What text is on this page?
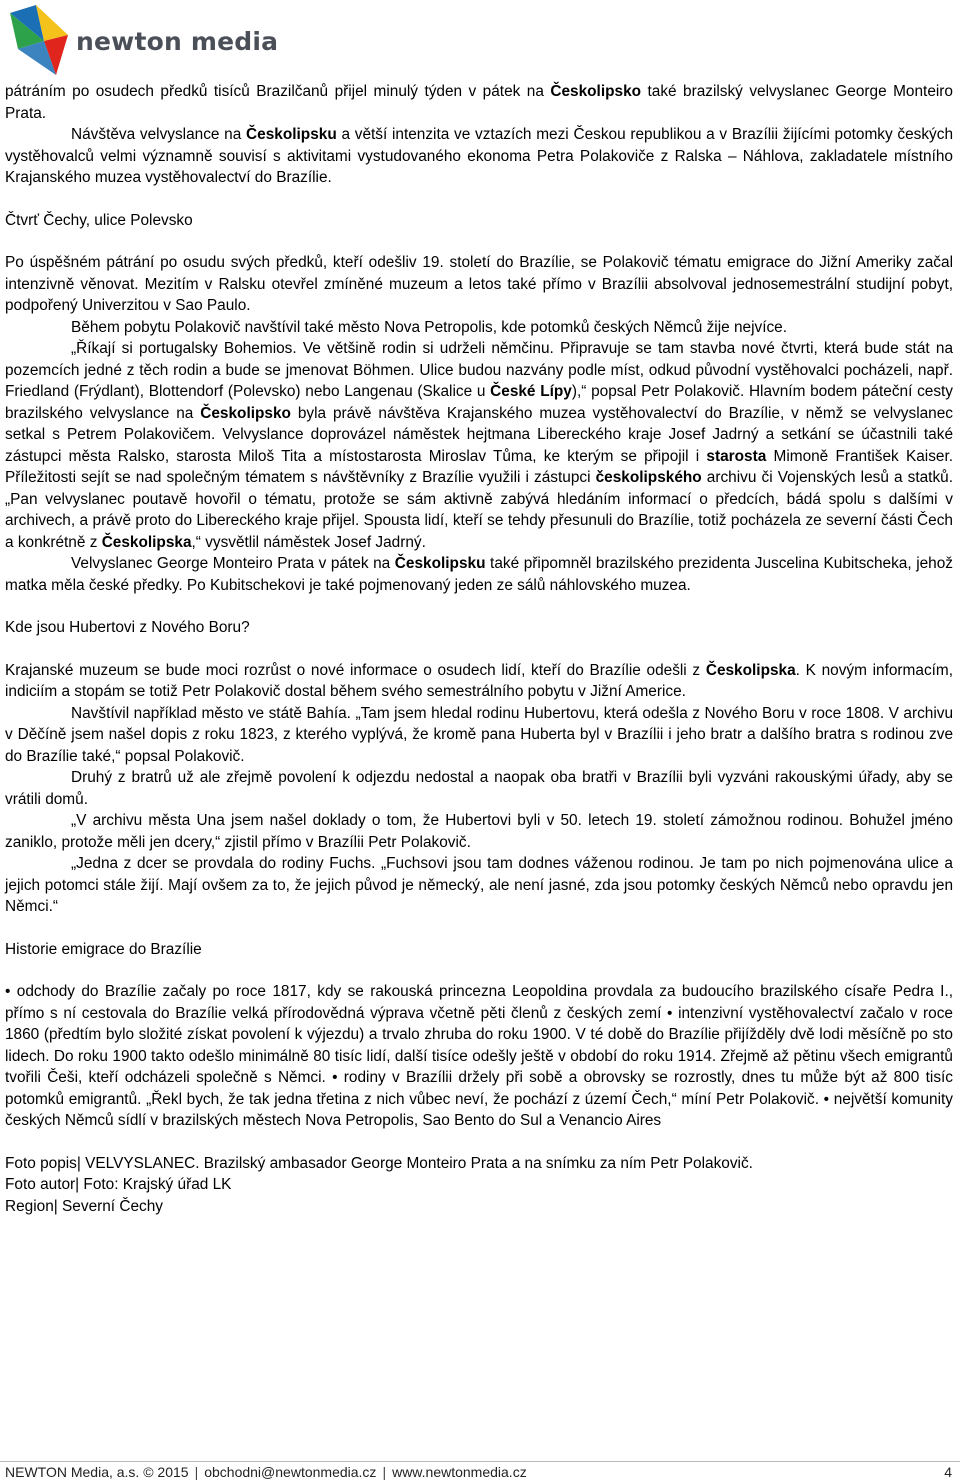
newton media

pátráním po osudech předků tisíců Brazilčanů přijel minulý týden v pátek na Českolipsko také brazilský velvyslanec George Monteiro Prata.

Návštěva velvyslance na Českolipsku a větší intenzita ve vztazích mezi Českou republikou a v Brazílii žijícími potomky českých vystěhovalců velmi významně souvisí s aktivitami vystudovaného ekonoma Petra Polakoviče z Ralska – Náhlova, zakladatele místního Krajanského muzea vystěhovalectví do Brazílie.

Čtvrť Čechy, ulice Polevsko

Po úspěšném pátrání po osudu svých předků, kteří odešliv 19. století do Brazílie, se Polakovič tématu emigrace do Jižní Ameriky začal intenzivně věnovat. Mezitím v Ralsku otevřel zmíněné muzeum a letos také přímo v Brazílii absolvoval jednosemestrální studijní pobyt, podpořený Univerzitou v Sao Paulo.

Během pobytu Polakovič navštívil také město Nova Petropolis, kde potomků českých Němců žije nejvíce.

„Říkají si portugalsky Bohemios. Ve většině rodin si udrželi němčinu. Připravuje se tam stavba nové čtvrti, která bude stát na pozemcích jedné z těch rodin a bude se jmenovat Böhmen. Ulice budou nazvány podle míst, odkud původní vystěhovalci pocházeli, např. Friedland (Frýdlant), Blottendorf (Polevsko) nebo Langenau (Skalice u České Lípy),“ popsal Petr Polakovič. Hlavním bodem páteční cesty brazilského velvyslance na Českolipsko byla právě návštěva Krajanského muzea vystěhovalectví do Brazílie, v němž se velvyslanec setkal s Petrem Polakovičem. Velvyslance doprovázel náměstek hejtmana Libereckého kraje Josef Jadrný a setkání se účastnili také zástupci města Ralsko, starosta Miloš Tita a místostarosta Miroslav Tůma, ke kterým se připojil i starosta Mimoně František Kaiser. Příležitosti sejít se nad společným tématem s návštěvníky z Brazílie využili i zástupci českolipského archivu či Vojenských lesů a statků. „Pan velvyslanec poutavě hovořil o tématu, protože se sám aktivně zabývá hledáním informací o předcích, bádá spolu s dalšími v archivech, a právě proto do Libereckého kraje přijel. Spousta lidí, kteří se tehdy přesunuli do Brazílie, totiž pocházela ze severní části Čech a konkrétně z Českolipska,“ vysvětlil náměstek Josef Jadrný.

Velvyslanec George Monteiro Prata v pátek na Českolipsku také připomněl brazilského prezidenta Juscelina Kubitscheka, jehož matka měla české předky. Po Kubitschekovi je také pojmenovaný jeden ze sálů náhlovského muzea.

Kde jsou Hubertovi z Nového Boru?

Krajanské muzeum se bude moci rozrůst o nové informace o osudech lidí, kteří do Brazílie odešli z Českolipska. K novým informacím, indiciím a stopám se totiž Petr Polakovič dostal během svého semestrálního pobytu v Jižní Americe.

Navštívil například město ve státě Bahía. „Tam jsem hledal rodinu Hubertovu, která odešla z Nového Boru v roce 1808. V archivu v Děčíně jsem našel dopis z roku 1823, z kterého vyplývá, že kromě pana Huberta byl v Brazílii i jeho bratr a dalšího bratra s rodinou zve do Brazílie také,“ popsal Polakovič.

Druhý z bratrů už ale zřejmě povolení k odjezdu nedostal a naopak oba bratři v Brazílii byli vyzváni rakouskými úřady, aby se vrátili domů.

„V archivu města Una jsem našel doklady o tom, že Hubertovi byli v 50. letech 19. století zámožnou rodinou. Bohužel jméno zaniklo, protože měli jen dcery,“ zjistil přímo v Brazílii Petr Polakovič.

„Jedna z dcer se provdala do rodiny Fuchs. „Fuchsovi jsou tam dodnes váženou rodinou. Je tam po nich pojmenována ulice a jejich potomci stále žijí. Mají ovšem za to, že jejich původ je německý, ale není jasné, zda jsou potomky českých Němců nebo opravdu jen Němci.“

Historie emigrace do Brazílie

• odchody do Brazílie začaly po roce 1817, kdy se rakouská princezna Leopoldina provdala za budoucího brazilského císaře Pedra I., přímo s ní cestovala do Brazílie velká přírodovědná výprava včetně pěti členů z českých zemí • intenzivní vystěhovalectví začalo v roce 1860 (předtím bylo složité získat povolení k výjezdu) a trvalo zhruba do roku 1900. V té době do Brazílie přijížděly dvě lodi měsíčně po sto lidech. Do roku 1900 takto odešlo minimálně 80 tisíc lidí, další tisíce odešly ještě v období do roku 1914. Zřejmě až pětinu všech emigrantů tvořili Češi, kteří odcházeli společně s Němci. • rodiny v Brazílii držely při sobě a obrovsky se rozrostly, dnes tu může být až 800 tisíc potomků emigrantů. „Řekl bych, že tak jedna třetina z nich vůbec neví, že pochází z území Čech,“ míní Petr Polakovič. • největší komunity českých Němců sídlí v brazilských městech Nova Petropolis, Sao Bento do Sul a Venancio Aires

Foto popis| VELVYSLANEC. Brazilský ambasador George Monteiro Prata a na snímku za ním Petr Polakovič.

Foto autor| Foto: Krajský úřad LK

Region| Severní Čechy

NEWTON Media, a.s. © 2015 | obchodni@newtonmedia.cz | www.newtonmedia.cz	4
